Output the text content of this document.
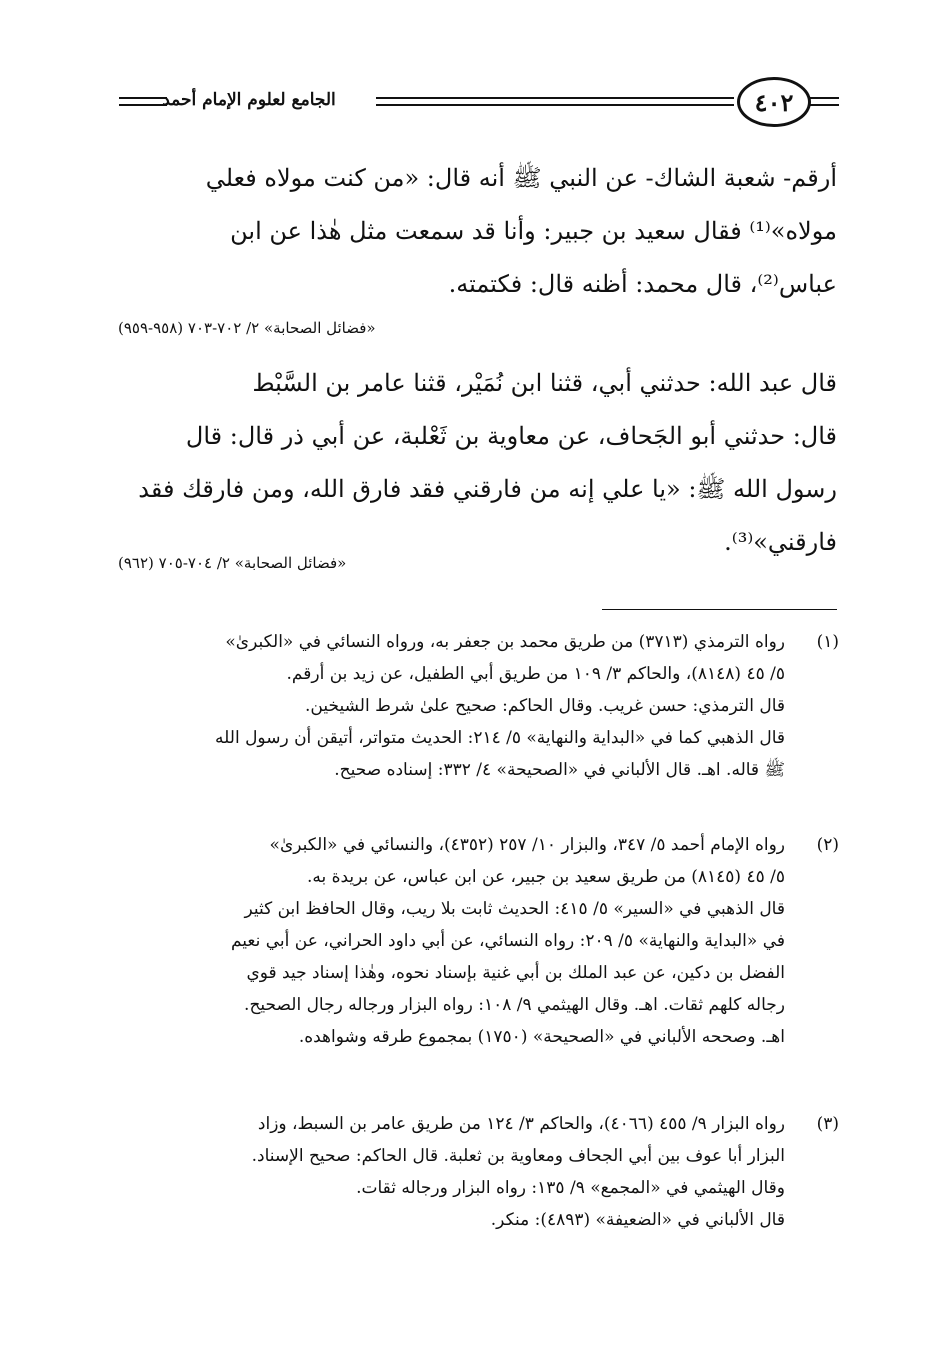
الجامع لعلوم الإمام أحمد	٤٠٢
أرقم- شعبة الشاك- عن النبي ﷺ أنه قال: «من كنت مولاه فعلي
مولاه»⁽¹⁾ فقال سعيد بن جبير: وأنا قد سمعت مثل هٰذا عن ابن
عباس⁽²⁾، قال محمد: أظنه قال: فكتمته.
«فضائل الصحابة» ٢/ ٧٠٢-٧٠٣ (٩٥٨-٩٥٩)
قال عبد الله: حدثني أبي، قثنا ابن نُمَيْر، قثنا عامر بن السَّبْط
قال: حدثني أبو الجَحاف، عن معاوية بن ثَعْلبة، عن أبي ذر قال: قال
رسول الله ﷺ: «يا علي إنه من فارقني فقد فارق الله، ومن فارقك فقد
فارقني»⁽³⁾.
«فضائل الصحابة» ٢/ ٧٠٤-٧٠٥ (٩٦٢)
(١)
رواه الترمذي (٣٧١٣) من طريق محمد بن جعفر به، ورواه النسائي في «الكبرىٰ»
٥/ ٤٥ (٨١٤٨)، والحاكم ٣/ ١٠٩ من طريق أبي الطفيل، عن زيد بن أرقم.
قال الترمذي: حسن غريب. وقال الحاكم: صحيح علىٰ شرط الشيخين.
قال الذهبي كما في «البداية والنهاية» ٥/ ٢١٤: الحديث متواتر، أتيقن أن رسول الله
ﷺ قاله. اهـ. قال الألباني في «الصحيحة» ٤/ ٣٣٢: إسناده صحيح.
(٢)
رواه الإمام أحمد ٥/ ٣٤٧، والبزار ١٠/ ٢٥٧ (٤٣٥٢)، والنسائي في «الكبرىٰ»
٥/ ٤٥ (٨١٤٥) من طريق سعيد بن جبير، عن ابن عباس، عن بريدة به.
قال الذهبي في «السير» ٥/ ٤١٥: الحديث ثابت بلا ريب، وقال الحافظ ابن كثير
في «البداية والنهاية» ٥/ ٢٠٩: رواه النسائي، عن أبي داود الحراني، عن أبي نعيم
الفضل بن دكين، عن عبد الملك بن أبي غنية بإسناد نحوه، وهٰذا إسناد جيد قوي
رجاله كلهم ثقات. اهـ. وقال الهيثمي ٩/ ١٠٨: رواه البزار ورجاله رجال الصحيح.
اهـ. وصححه الألباني في «الصحيحة» (١٧٥٠) بمجموع طرقه وشواهده.
(٣)
رواه البزار ٩/ ٤٥٥ (٤٠٦٦)، والحاكم ٣/ ١٢٤ من طريق عامر بن السبط، وزاد
البزار أبا عوف بين أبي الجحاف ومعاوية بن ثعلبة. قال الحاكم: صحيح الإسناد.
وقال الهيثمي في «المجمع» ٩/ ١٣٥: رواه البزار ورجاله ثقات.
قال الألباني في «الضعيفة» (٤٨٩٣): منكر.
